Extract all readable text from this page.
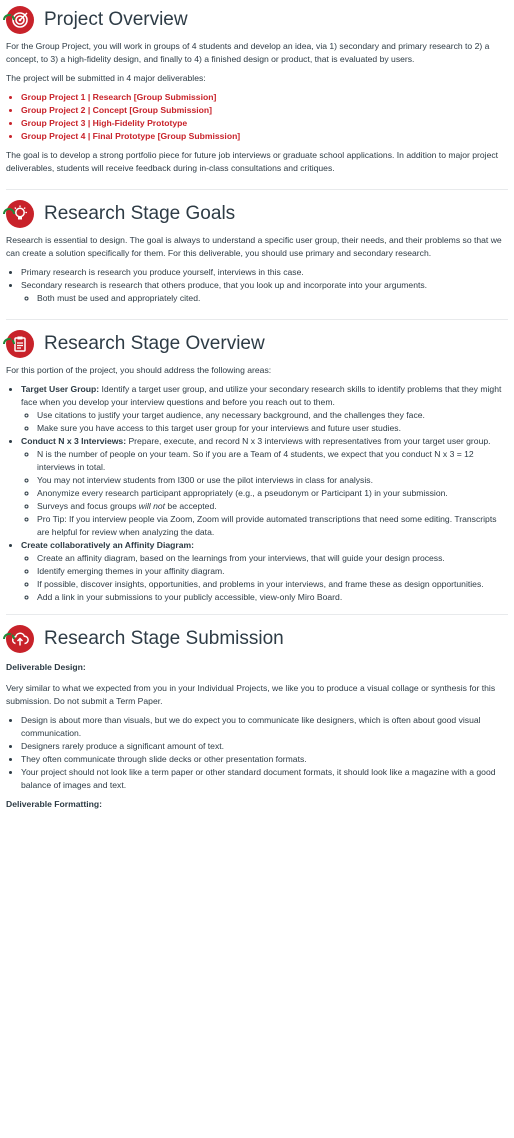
Project Overview

For the Group Project, you will work in groups of 4 students and develop an idea, via 1) secondary and primary research to 2) a concept, to 3) a high-fidelity design, and finally to 4) a finished design or product, that is evaluated by users.

The project will be submitted in 4 major deliverables:

• Group Project 1 | Research [Group Submission]
• Group Project 2 | Concept [Group Submission]
• Group Project 3 | High-Fidelity Prototype
• Group Project 4 | Final Prototype [Group Submission]

The goal is to develop a strong portfolio piece for future job interviews or graduate school applications. In addition to major project deliverables, students will receive feedback during in-class consultations and critiques.

Research Stage Goals

Research is essential to design. The goal is always to understand a specific user group, their needs, and their problems so that we can create a solution specifically for them. For this deliverable, you should use primary and secondary research.

• Primary research is research you produce yourself, interviews in this case.
• Secondary research is research that others produce, that you look up and incorporate into your arguments.
◦ Both must be used and appropriately cited.
Research Stage Overview

For this portion of the project, you should address the following areas:

• Target User Group: Identify a target user group, and utilize your secondary research skills to identify problems that they might face when you develop your interview questions and before you reach out to them.
◦ Use citations to justify your target audience, any necessary background, and the challenges they face.
◦ Make sure you have access to this target user group for your interviews and future user studies.
• Conduct N x 3 Interviews: Prepare, execute, and record N x 3 interviews with representatives from your target user group.
◦ N is the number of people on your team. So if you are a Team of 4 students, we expect that you conduct N x 3 = 12 interviews in total.
◦ You may not interview students from I300 or use the pilot interviews in class for analysis.
◦ Anonymize every research participant appropriately (e.g., a pseudonym or Participant 1) in your submission.
◦ Surveys and focus groups will not be accepted.
◦ Pro Tip: If you interview people via Zoom, Zoom will provide automated transcriptions that need some editing. Transcripts are helpful for review when analyzing the data.
• Create collaboratively an Affinity Diagram:
◦ Create an affinity diagram, based on the learnings from your interviews, that will guide your design process.
◦ Identify emerging themes in your affinity diagram.
◦ If possible, discover insights, opportunities, and problems in your interviews, and frame these as design opportunities.
◦ Add a link in your submissions to your publicly accessible, view-only Miro Board.
Research Stage Submission
Deliverable Design:

Very similar to what we expected from you in your Individual Projects, we like you to produce a visual collage or synthesis for this submission. Do not submit a Term Paper.

• Design is about more than visuals, but we do expect you to communicate like designers, which is often about good visual communication.
• Designers rarely produce a significant amount of text.
• They often communicate through slide decks or other presentation formats.
• Your project should not look like a term paper or other standard document formats, it should look like a magazine with a good balance of images and text.
Deliverable Formatting:
